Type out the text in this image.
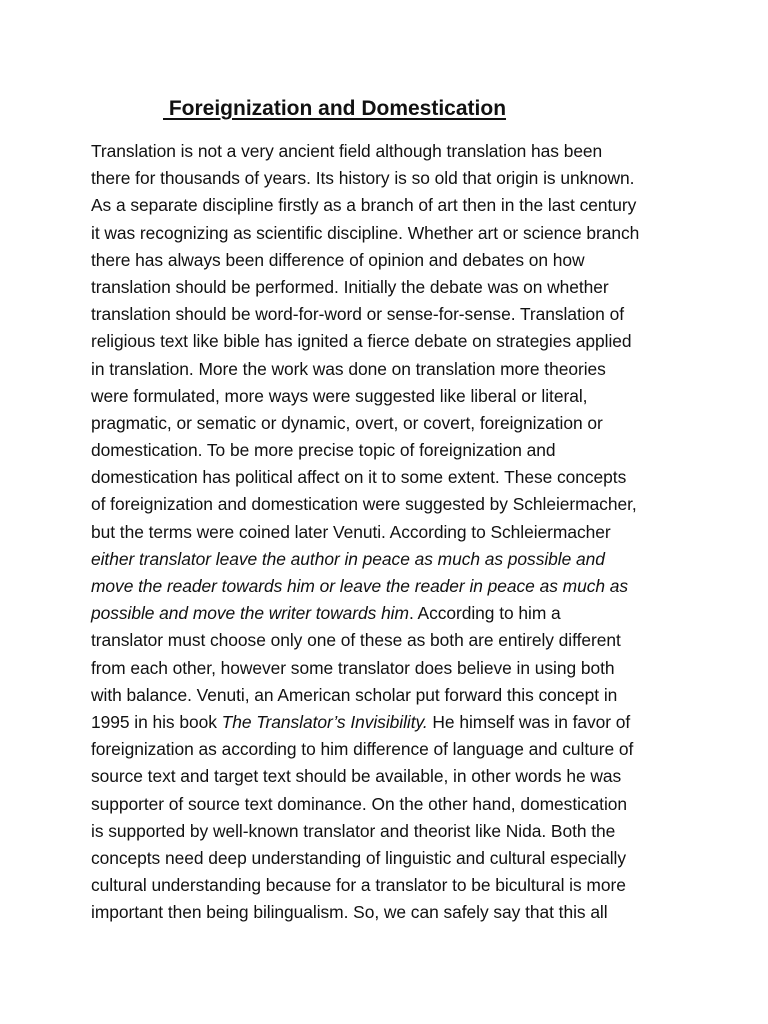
Foreignization and Domestication
Translation is not a very ancient field although translation has been
there for thousands of years. Its history is so old that origin is unknown.
As a separate discipline firstly as a branch of art then in the last century
it was recognizing as scientific discipline. Whether art or science branch
there has always been difference of opinion and debates on how
translation should be performed. Initially the debate was on whether
translation should be word-for-word or sense-for-sense. Translation of
religious text like bible has ignited a fierce debate on strategies applied
in translation. More the work was done on translation more theories
were formulated, more ways were suggested like liberal or literal,
pragmatic, or sematic or dynamic, overt, or covert, foreignization or
domestication. To be more precise topic of foreignization and
domestication has political affect on it to some extent. These concepts
of foreignization and domestication were suggested by Schleiermacher,
but the terms were coined later Venuti. According to Schleiermacher
either translator leave the author in peace as much as possible and
move the reader towards him or leave the reader in peace as much as
possible and move the writer towards him. According to him a
translator must choose only one of these as both are entirely different
from each other, however some translator does believe in using both
with balance. Venuti, an American scholar put forward this concept in
1995 in his book The Translator’s Invisibility. He himself was in favor of
foreignization as according to him difference of language and culture of
source text and target text should be available, in other words he was
supporter of source text dominance. On the other hand, domestication
is supported by well-known translator and theorist like Nida. Both the
concepts need deep understanding of linguistic and cultural especially
cultural understanding because for a translator to be bicultural is more
important then being bilingualism. So, we can safely say that this all
